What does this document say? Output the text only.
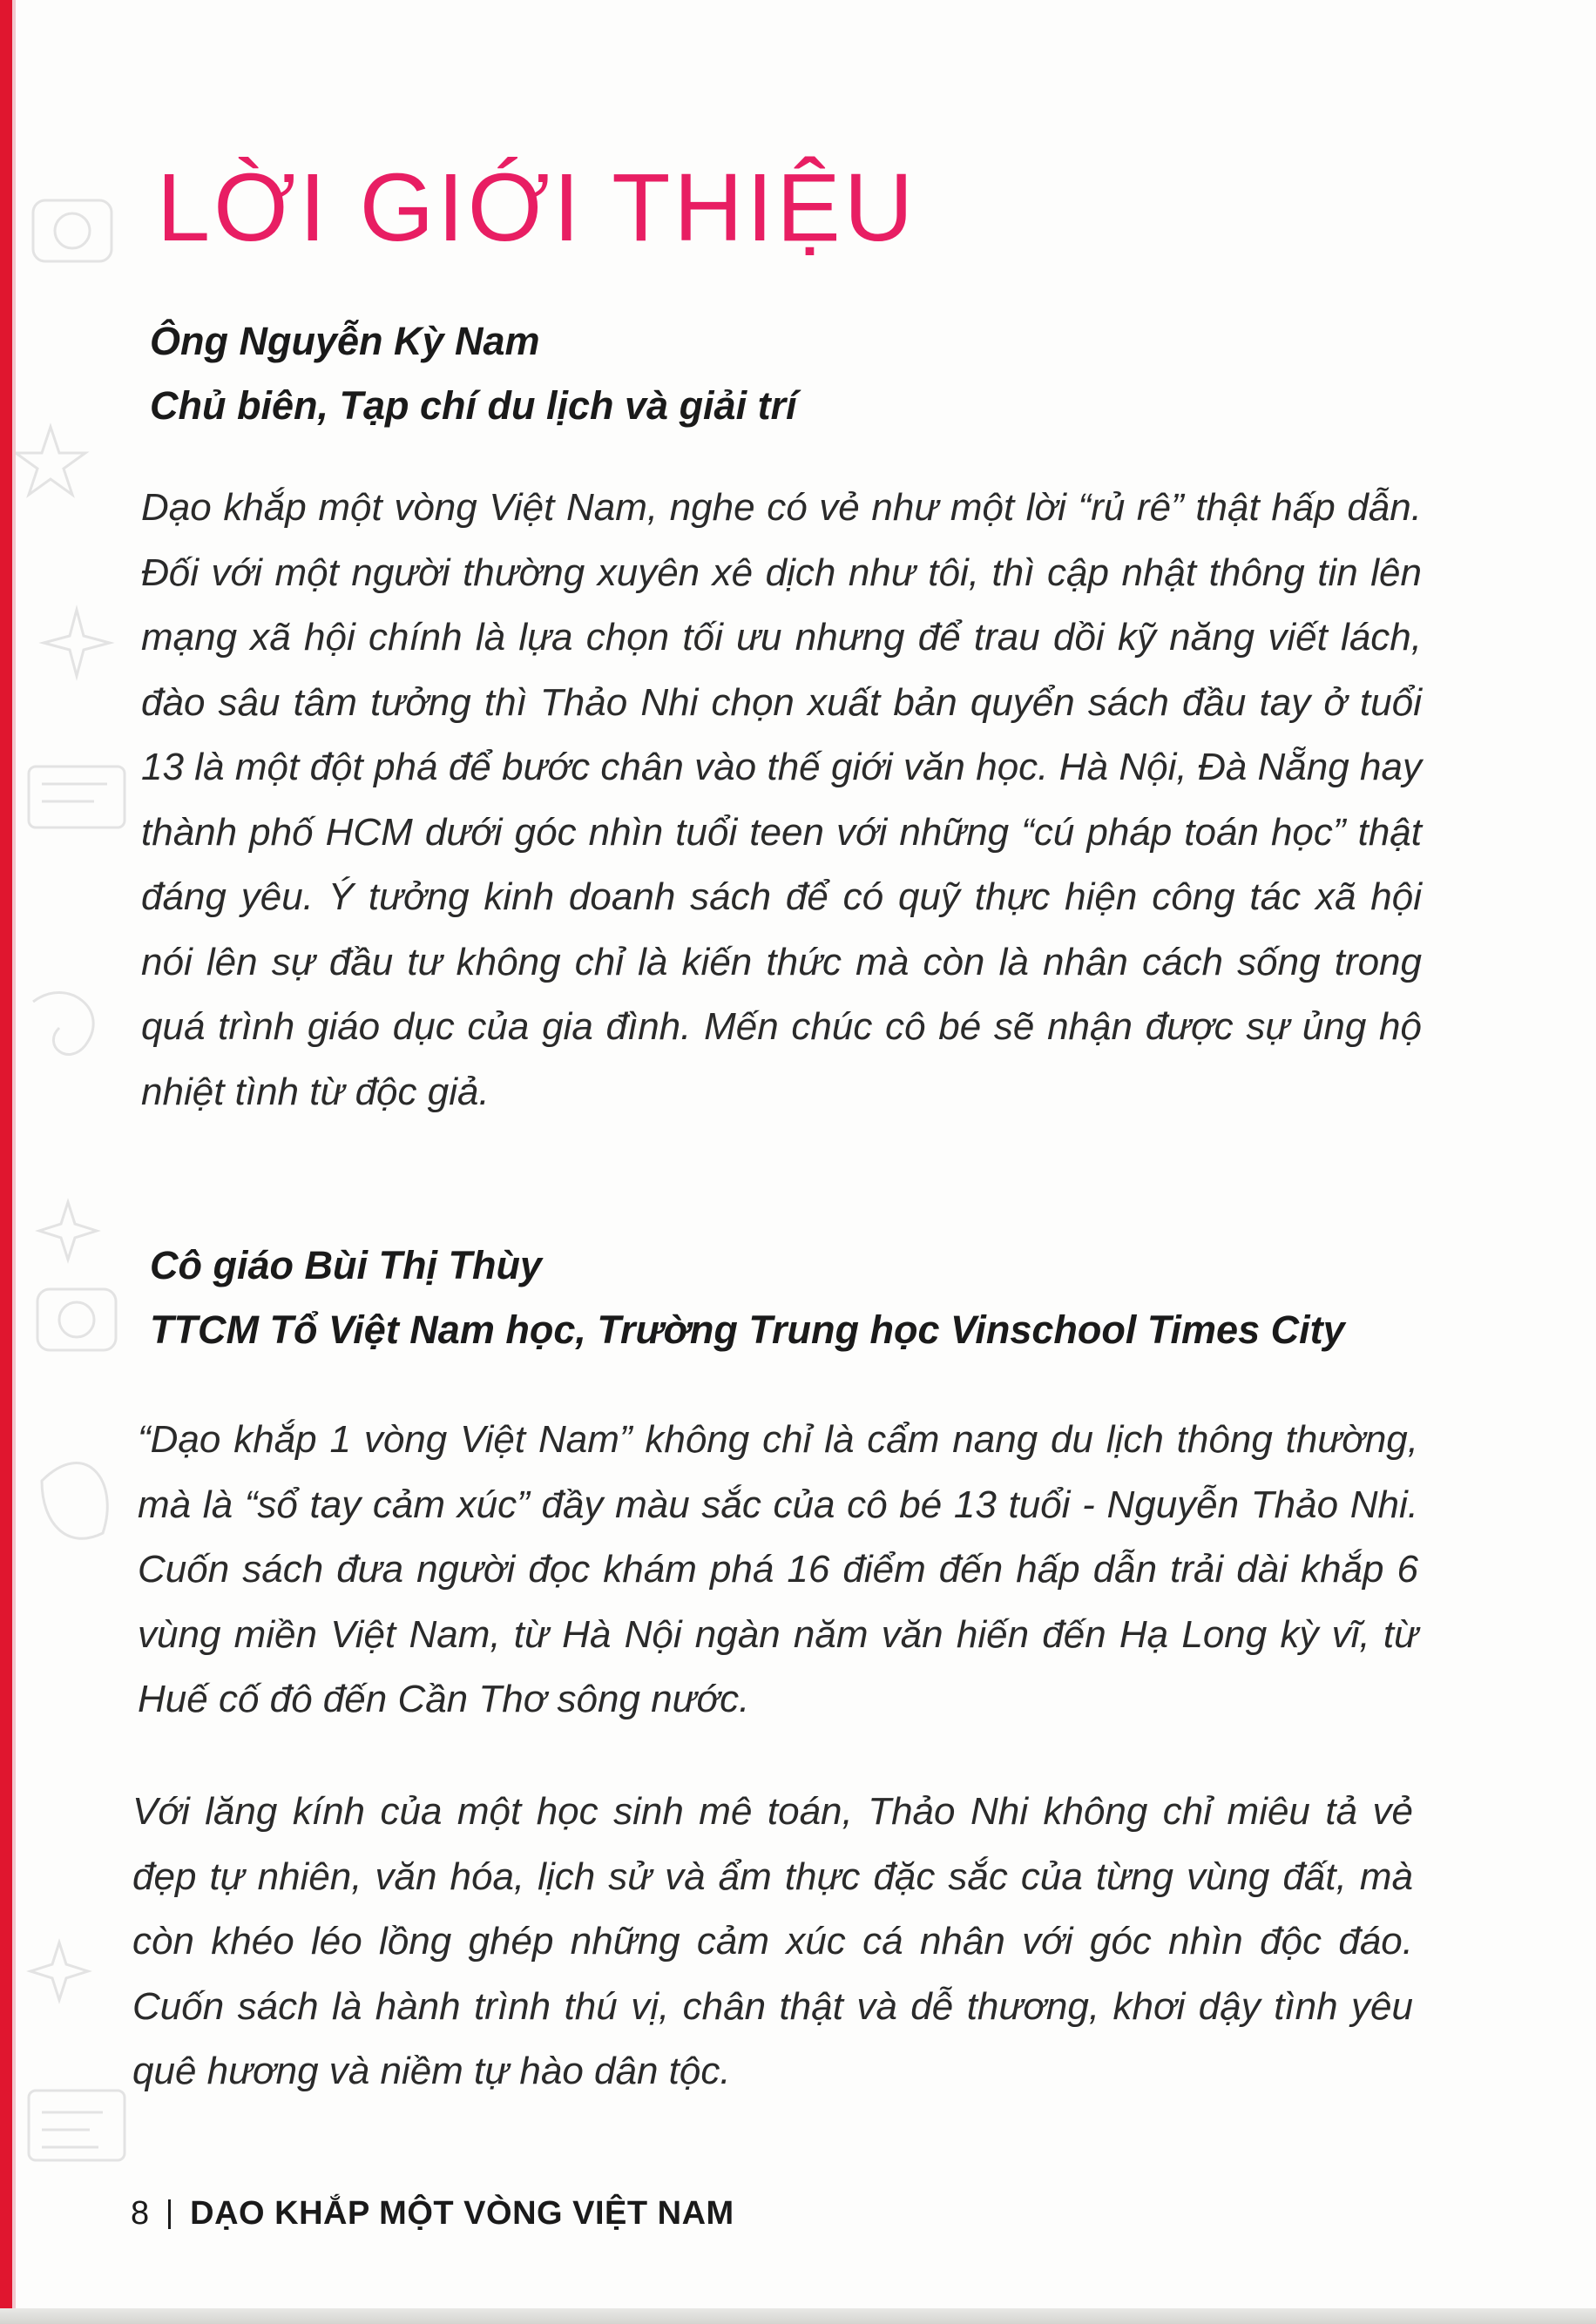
LỜI GIỚI THIỆU
Ông Nguyễn Kỳ Nam
Chủ biên, Tạp chí du lịch và giải trí

Dạo khắp một vòng Việt Nam, nghe có vẻ như một lời “rủ rê” thật hấp dẫn. Đối với một người thường xuyên xê dịch như tôi, thì cập nhật thông tin lên mạng xã hội chính là lựa chọn tối ưu nhưng để trau dồi kỹ năng viết lách, đào sâu tâm tưởng thì Thảo Nhi chọn xuất bản quyển sách đầu tay ở tuổi 13 là một đột phá để bước chân vào thế giới văn học. Hà Nội, Đà Nẵng hay thành phố HCM dưới góc nhìn tuổi teen với những “cú pháp toán học” thật đáng yêu. Ý tưởng kinh doanh sách để có quỹ thực hiện công tác xã hội nói lên sự đầu tư không chỉ là kiến thức mà còn là nhân cách sống trong quá trình giáo dục của gia đình. Mến chúc cô bé sẽ nhận được sự ủng hộ nhiệt tình từ độc giả.

Cô giáo Bùi Thị Thùy
TTCM Tổ Việt Nam học, Trường Trung học Vinschool Times City

“Dạo khắp 1 vòng Việt Nam” không chỉ là cẩm nang du lịch thông thường, mà là “sổ tay cảm xúc” đầy màu sắc của cô bé 13 tuổi - Nguyễn Thảo Nhi. Cuốn sách đưa người đọc khám phá 16 điểm đến hấp dẫn trải dài khắp 6 vùng miền Việt Nam, từ Hà Nội ngàn năm văn hiến đến Hạ Long kỳ vĩ, từ Huế cố đô đến Cần Thơ sông nước.

Với lăng kính của một học sinh mê toán, Thảo Nhi không chỉ miêu tả vẻ đẹp tự nhiên, văn hóa, lịch sử và ẩm thực đặc sắc của từng vùng đất, mà còn khéo léo lồng ghép những cảm xúc cá nhân với góc nhìn độc đáo. Cuốn sách là hành trình thú vị, chân thật và dễ thương, khơi dậy tình yêu quê hương và niềm tự hào dân tộc.

8 DẠO KHẮP MỘT VÒNG VIỆT NAM
